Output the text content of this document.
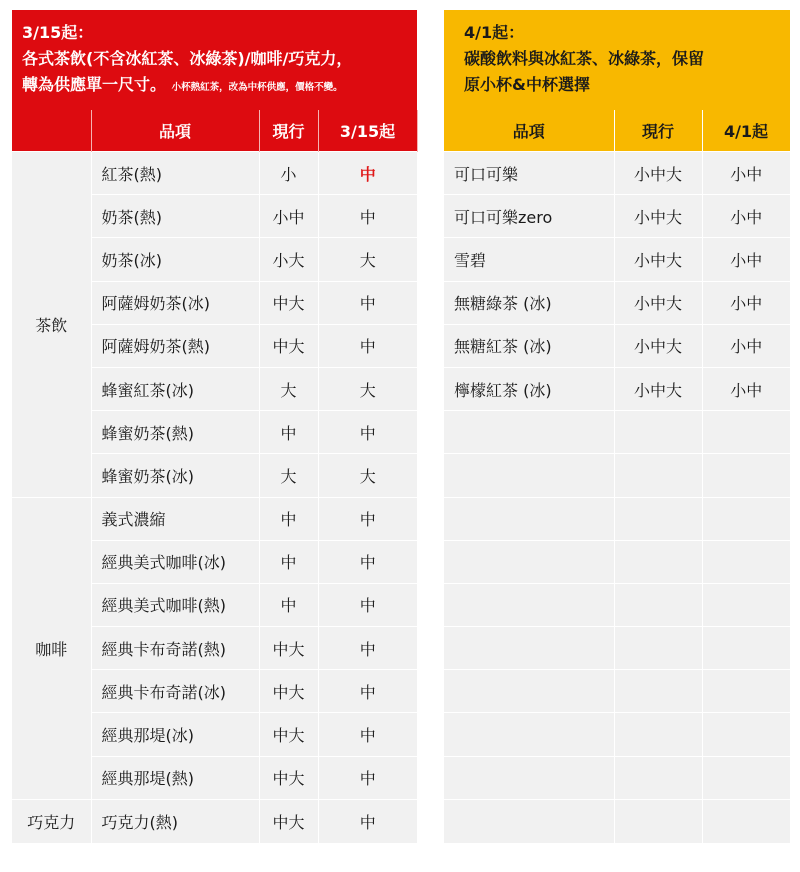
3/15起：
各式茶飲(不含冰紅茶、冰綠茶)/咖啡/巧克力，
轉為供應單一尺寸。 小杯熱紅茶，改為中杯供應，價格不變。
	品項	現行	3/15起
茶飲	紅茶(熱)	小	中
	奶茶(熱)	小中	中
	奶茶(冰)	小大	大
	阿薩姆奶茶(冰)	中大	中
	阿薩姆奶茶(熱)	中大	中
	蜂蜜紅茶(冰)	大	大
	蜂蜜奶茶(熱)	中	中
	蜂蜜奶茶(冰)	大	大
咖啡	義式濃縮	中	中
	經典美式咖啡(冰)	中	中
	經典美式咖啡(熱)	中	中
	經典卡布奇諾(熱)	中大	中
	經典卡布奇諾(冰)	中大	中
	經典那堤(冰)	中大	中
	經典那堤(熱)	中大	中
巧克力	巧克力(熱)	中大	中
4/1起：
碳酸飲料與冰紅茶、冰綠茶，保留
原小杯&中杯選擇
品項	現行	4/1起
可口可樂	小中大	小中
可口可樂zero	小中大	小中
雪碧	小中大	小中
無糖綠茶 (冰)	小中大	小中
無糖紅茶 (冰)	小中大	小中
檸檬紅茶 (冰)	小中大	小中
